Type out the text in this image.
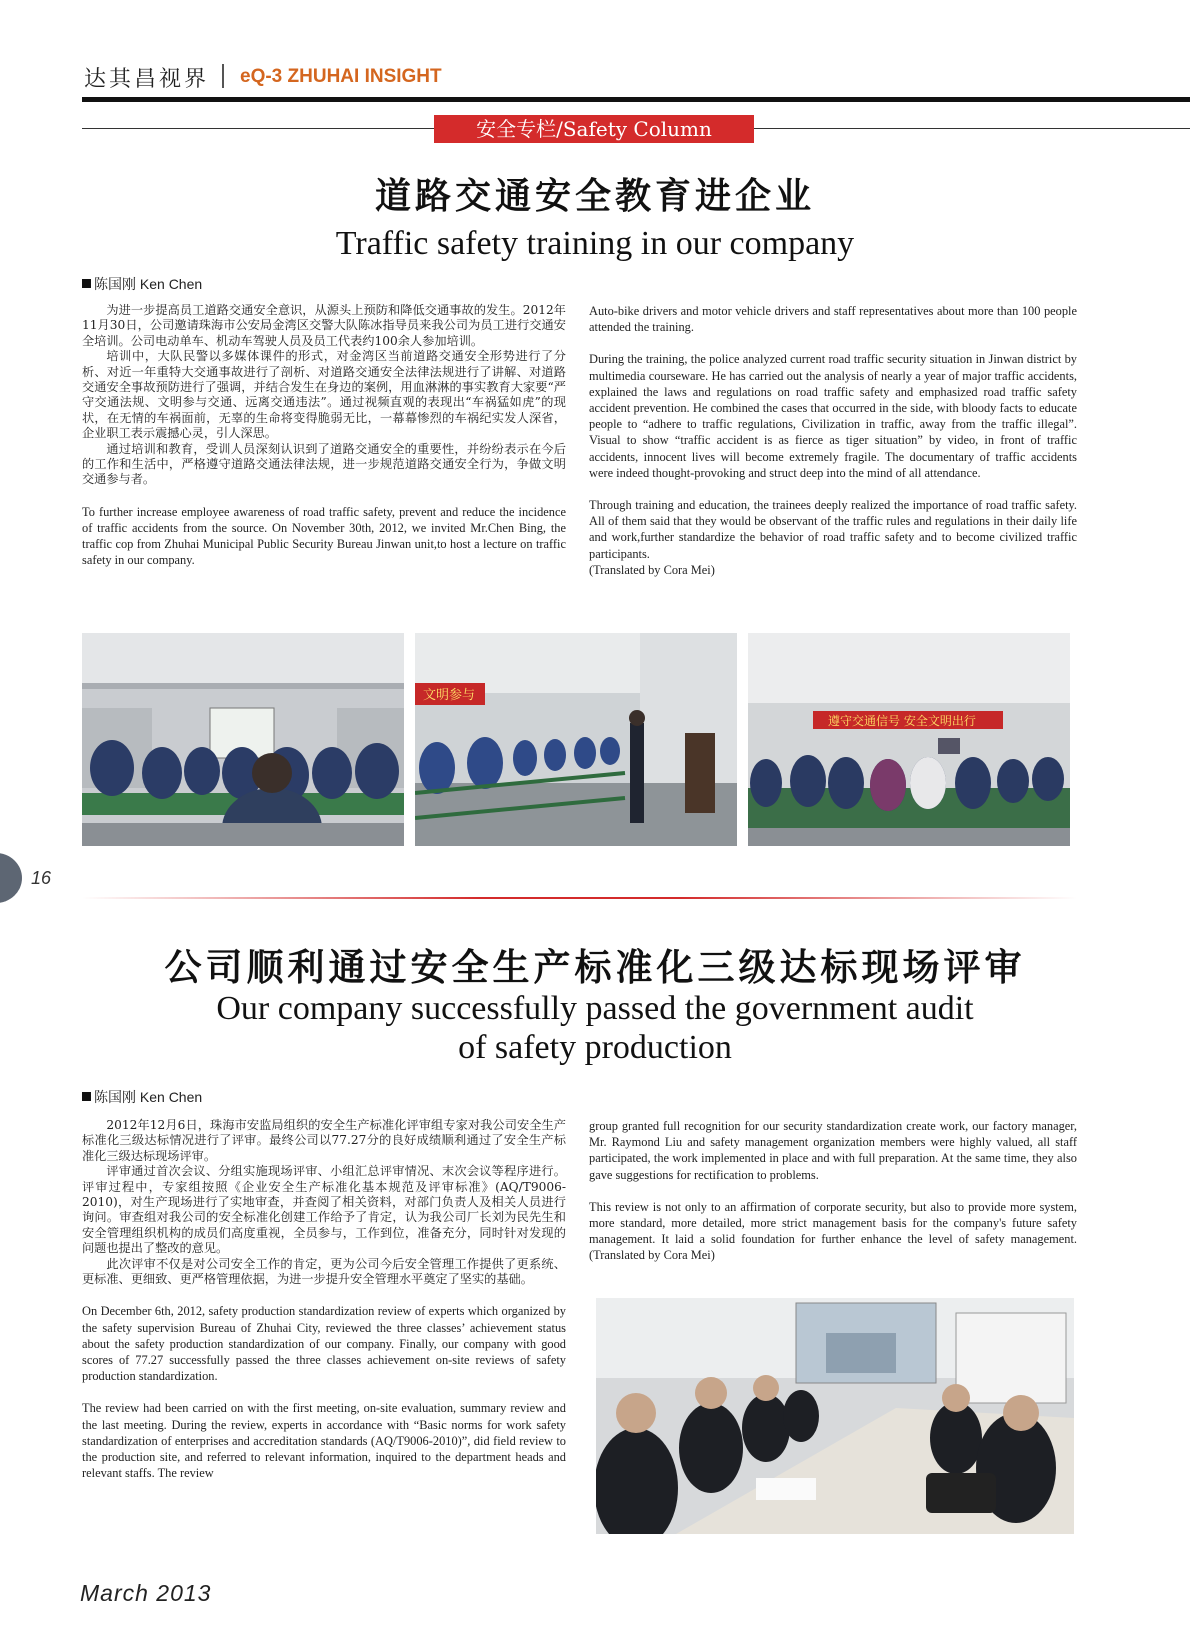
达其昌视界 eQ-3 ZHUHAI INSIGHT
安全专栏/Safety Column
道路交通安全教育进企业
Traffic safety training in our company
陈国刚 Ken Chen

为进一步提高员工道路交通安全意识，从源头上预防和降低交通事故的发生。2012年11月30日，公司邀请珠海市公安局金湾区交警大队陈冰指导员来我公司为员工进行交通安全培训。公司电动单车、机动车驾驶人员及员工代表约100余人参加培训。

培训中，大队民警以多媒体课件的形式，对金湾区当前道路交通安全形势进行了分析、对近一年重特大交通事故进行了剖析、对道路交通安全法律法规进行了讲解、对道路交通安全事故预防进行了强调，并结合发生在身边的案例，用血淋淋的事实教育大家要“严守交通法规、文明参与交通、远离交通违法”。通过视频直观的表现出“车祸猛如虎”的现状，在无情的车祸面前，无辜的生命将变得脆弱无比，一幕幕惨烈的车祸纪实发人深省，企业职工表示震撼心灵，引人深思。

通过培训和教育，受训人员深刻认识到了道路交通安全的重要性，并纷纷表示在今后的工作和生活中，严格遵守道路交通法律法规，进一步规范道路交通安全行为，争做文明交通参与者。

To further increase employee awareness of road traffic safety, prevent and reduce the incidence of traffic accidents from the source. On November 30th, 2012, we invited Mr.Chen Bing, the traffic cop from Zhuhai Municipal Public Security Bureau Jinwan unit,to host a lecture on traffic safety in our company.

Auto-bike drivers and motor vehicle drivers and staff representatives about more than 100 people attended the training.

During the training, the police analyzed current road traffic security situation in Jinwan district by multimedia courseware. He has carried out the analysis of nearly a year of major traffic accidents, explained the laws and regulations on road traffic safety and emphasized road traffic safety accident prevention. He combined the cases that occurred in the side, with bloody facts to educate people to “adhere to traffic regulations, Civilization in traffic, away from the traffic illegal”. Visual to show “traffic accident is as fierce as tiger situation” by video, in front of traffic accidents, innocent lives will become extremely fragile. The documentary of traffic accidents were indeed thought-provoking and struct deep into the mind of all attendance.

Through training and education, the trainees deeply realized the importance of road traffic safety. All of them said that they would be observant of the traffic rules and regulations in their daily life and work,further standardize the behavior of road traffic safety and to become civilized traffic participants.

(Translated by Cora Mei)

文明参与
遵守交通信号 安全文明出行
16
公司顺利通过安全生产标准化三级达标现场评审
Our company successfully passed the government audit
of safety production
陈国刚 Ken Chen

2012年12月6日，珠海市安监局组织的安全生产标准化评审组专家对我公司安全生产标准化三级达标情况进行了评审。最终公司以77.27分的良好成绩顺利通过了安全生产标准化三级达标现场评审。

评审通过首次会议、分组实施现场评审、小组汇总评审情况、末次会议等程序进行。评审过程中，专家组按照《企业安全生产标准化基本规范及评审标准》(AQ/T9006-2010)，对生产现场进行了实地审查，并查阅了相关资料，对部门负责人及相关人员进行询问。审查组对我公司的安全标准化创建工作给予了肯定，认为我公司厂长刘为民先生和安全管理组织机构的成员们高度重视，全员参与，工作到位，准备充分，同时针对发现的问题也提出了整改的意见。

此次评审不仅是对公司安全工作的肯定，更为公司今后安全管理工作提供了更系统、更标准、更细致、更严格管理依据，为进一步提升安全管理水平奠定了坚实的基础。

On December 6th, 2012, safety production standardization review of experts which organized by the safety supervision Bureau of Zhuhai City, reviewed the three classes’ achievement status about the safety production standardization of our company. Finally, our company with good scores of 77.27 successfully passed the three classes achievement on-site reviews of safety production standardization.

The review had been carried on with the first meeting, on-site evaluation, summary review and the last meeting. During the review, experts in accordance with “Basic norms for work safety standardization of enterprises and accreditation standards (AQ/T9006-2010)”, did field review to the production site, and referred to relevant information, inquired to the department heads and relevant staffs. The review

group granted full recognition for our security standardization create work, our factory manager, Mr. Raymond Liu and safety management organization members were highly valued, all staff participated, the work implemented in place and with full preparation. At the same time, they also gave suggestions for rectification to problems.

This review is not only to an affirmation of corporate security, but also to provide more system, more standard, more detailed, more strict management basis for the company's future safety management. It laid a solid foundation for further enhance the level of safety management.(Translated by Cora Mei)

March 2013
